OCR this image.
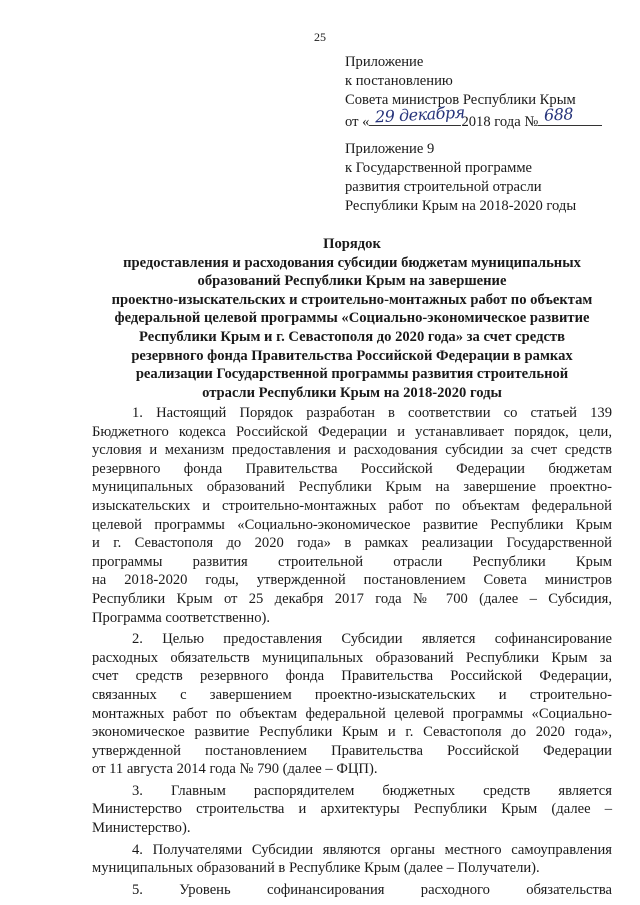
25
Приложение
к постановлению
Совета министров Республики Крым
от « 29 декабря
2018 года № 688
Приложение 9
к Государственной программе
развития строительной отрасли
Республики Крым на 2018-2020 годы
Порядок
предоставления и расходования субсидии бюджетам муниципальных
образований Республики Крым на завершение
проектно-изыскательских и строительно-монтажных работ по объектам
федеральной целевой программы «Социально-экономическое развитие
Республики Крым и г. Севастополя до 2020 года» за счет средств
резервного фонда Правительства Российской Федерации в рамках
реализации Государственной программы развития строительной
отрасли Республики Крым на 2018-2020 годы
1. Настоящий Порядок разработан в соответствии со статьей 139
Бюджетного кодекса Российской Федерации и устанавливает порядок, цели,
условия и механизм предоставления и расходования субсидии за счет средств
резервного фонда Правительства Российской Федерации бюджетам
муниципальных образований Республики Крым на завершение проектно-
изыскательских и строительно-монтажных работ по объектам федеральной
целевой программы «Социально-экономическое развитие Республики Крым
и г. Севастополя до 2020 года» в рамках реализации Государственной
программы развития строительной отрасли Республики Крым
на 2018-2020 годы, утвержденной постановлением Совета министров
Республики Крым от 25 декабря 2017 года № 700 (далее – Субсидия,
Программа соответственно).
2. Целью предоставления Субсидии является софинансирование
расходных обязательств муниципальных образований Республики Крым за
счет средств резервного фонда Правительства Российской Федерации,
связанных с завершением проектно-изыскательских и строительно-
монтажных работ по объектам федеральной целевой программы «Социально-
экономическое развитие Республики Крым и г. Севастополя до 2020 года»,
утвержденной постановлением Правительства Российской Федерации
от 11 августа 2014 года № 790 (далее – ФЦП).
3. Главным распорядителем бюджетных средств является
Министерство строительства и архитектуры Республики Крым (далее –
Министерство).
4. Получателями Субсидии являются органы местного самоуправления
муниципальных образований в Республике Крым (далее – Получатели).
5. Уровень софинансирования расходного обязательства
